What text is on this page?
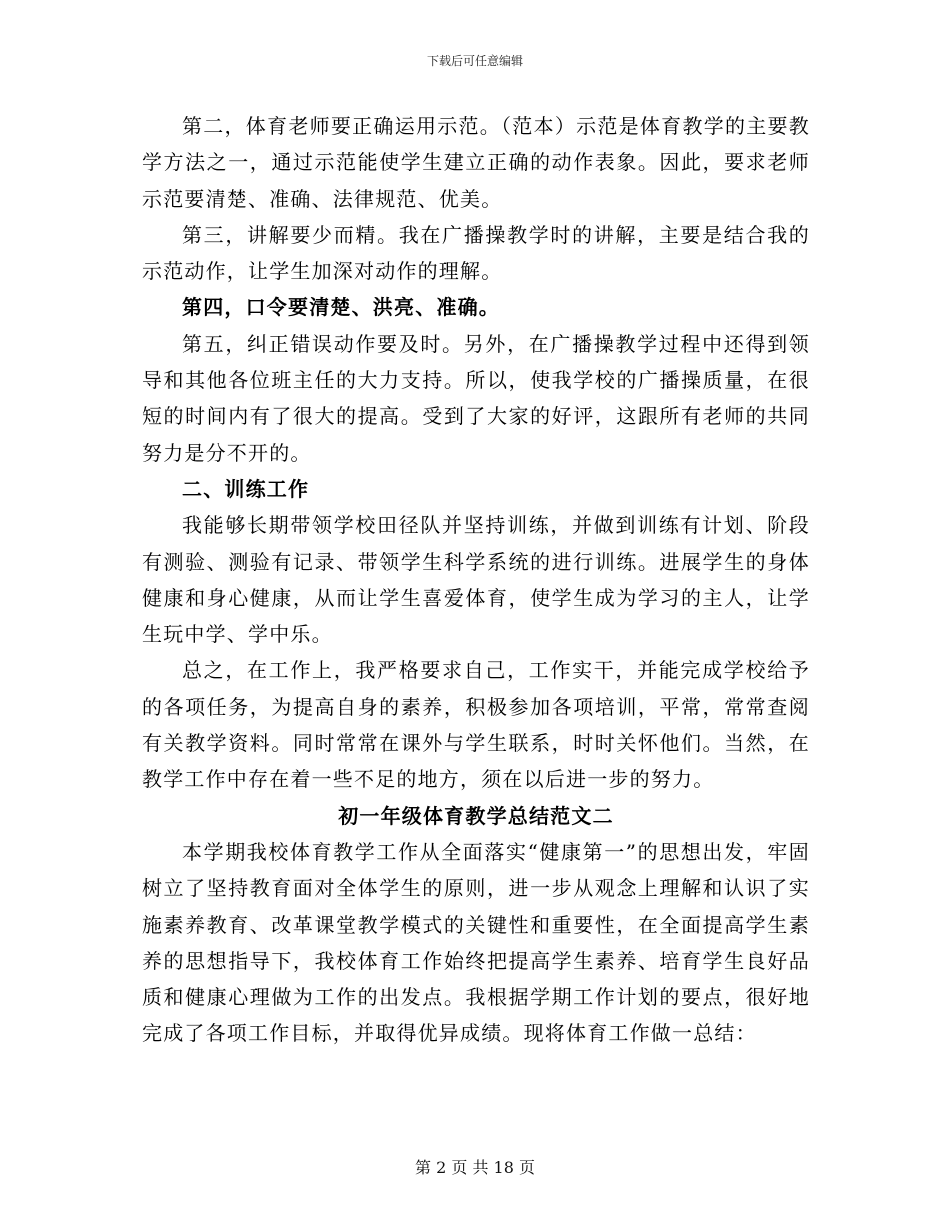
下载后可任意编辑

第二，体育老师要正确运用示范。（范本）示范是体育教学的主要教学方法之一，通过示范能使学生建立正确的动作表象。因此，要求老师示范要清楚、准确、法律规范、优美。

第三，讲解要少而精。我在广播操教学时的讲解，主要是结合我的示范动作，让学生加深对动作的理解。

第四，口令要清楚、洪亮、准确。

第五，纠正错误动作要及时。另外，在广播操教学过程中还得到领导和其他各位班主任的大力支持。所以，使我学校的广播操质量，在很短的时间内有了很大的提高。受到了大家的好评，这跟所有老师的共同努力是分不开的。

二、训练工作

我能够长期带领学校田径队并坚持训练，并做到训练有计划、阶段有测验、测验有记录、带领学生科学系统的进行训练。进展学生的身体健康和身心健康，从而让学生喜爱体育，使学生成为学习的主人，让学生玩中学、学中乐。

总之，在工作上，我严格要求自己，工作实干，并能完成学校给予的各项任务，为提高自身的素养，积极参加各项培训，平常，常常查阅有关教学资料。同时常常在课外与学生联系，时时关怀他们。当然，在教学工作中存在着一些不足的地方，须在以后进一步的努力。

初一年级体育教学总结范文二

本学期我校体育教学工作从全面落实“健康第一”的思想出发，牢固树立了坚持教育面对全体学生的原则，进一步从观念上理解和认识了实施素养教育、改革课堂教学模式的关键性和重要性，在全面提高学生素养的思想指导下，我校体育工作始终把提高学生素养、培育学生良好品质和健康心理做为工作的出发点。我根据学期工作计划的要点，很好地完成了各项工作目标，并取得优异成绩。现将体育工作做一总结：

第 2 页 共 18 页
